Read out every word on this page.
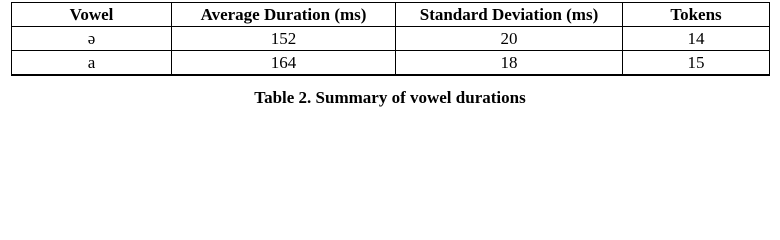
Vowel	Average Duration (ms)	Standard Deviation (ms)	Tokens
ə	152	20	14
a	164	18	15
Table 2. Summary of vowel durations
